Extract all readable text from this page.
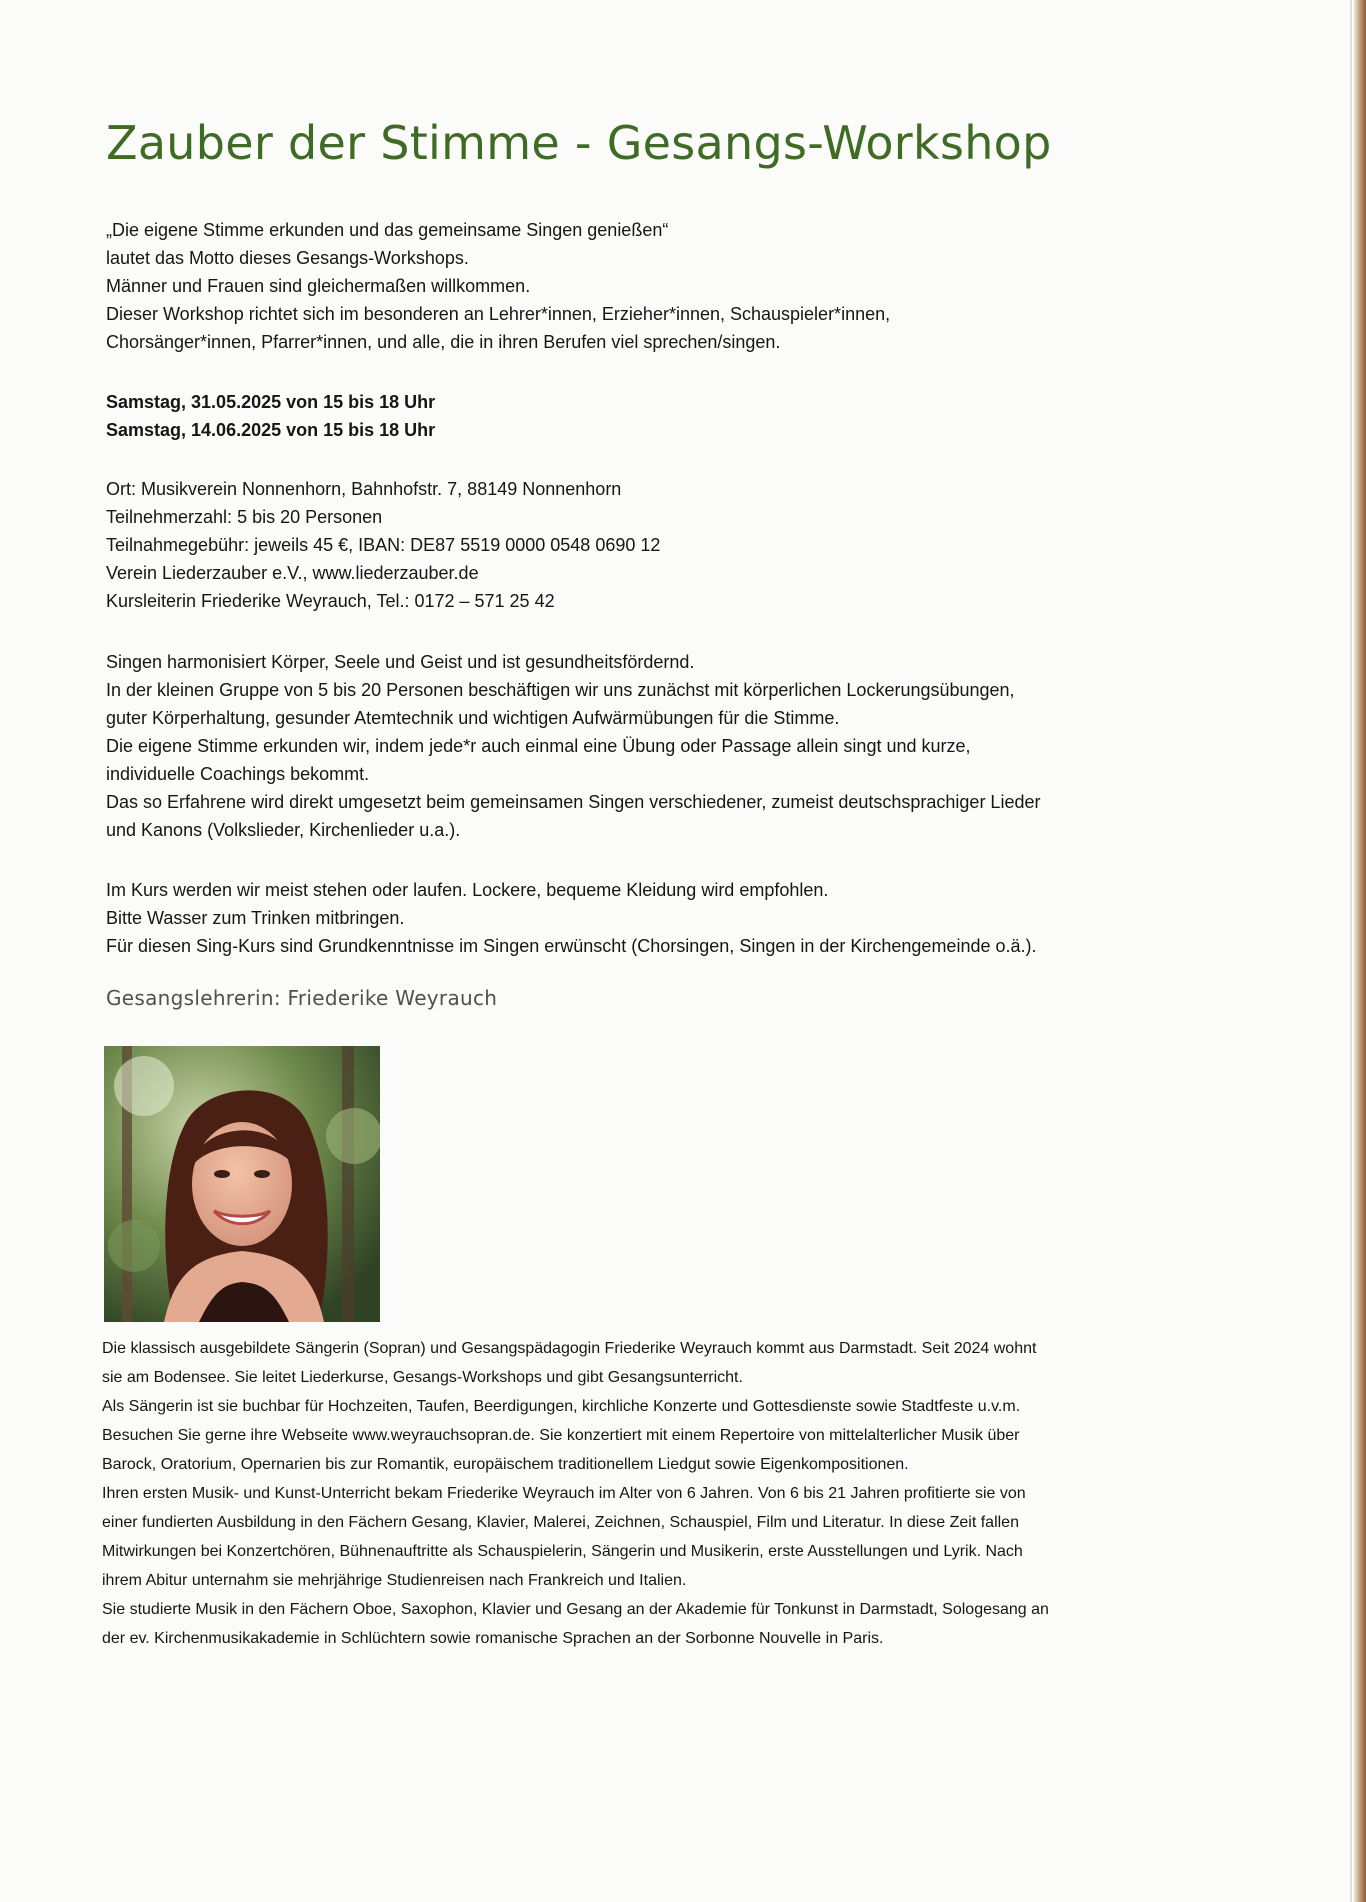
Zauber der Stimme - Gesangs-Workshop
„Die eigene Stimme erkunden und das gemeinsame Singen genießen“
lautet das Motto dieses Gesangs-Workshops.
Männer und Frauen sind gleichermaßen willkommen.
Dieser Workshop richtet sich im besonderen an Lehrer*innen, Erzieher*innen, Schauspieler*innen,
Chorsänger*innen, Pfarrer*innen, und alle, die in ihren Berufen viel sprechen/singen.
Samstag, 31.05.2025 von 15 bis 18 Uhr
Samstag, 14.06.2025 von 15 bis 18 Uhr
Ort: Musikverein Nonnenhorn, Bahnhofstr. 7, 88149 Nonnenhorn
Teilnehmerzahl: 5 bis 20 Personen
Teilnahmegebühr: jeweils 45 €, IBAN: DE87 5519 0000 0548 0690 12
Verein Liederzauber e.V., www.liederzauber.de
Kursleiterin Friederike Weyrauch, Tel.: 0172 – 571 25 42
Singen harmonisiert Körper, Seele und Geist und ist gesundheitsfördernd.
In der kleinen Gruppe von 5 bis 20 Personen beschäftigen wir uns zunächst mit körperlichen Lockerungsübungen,
guter Körperhaltung, gesunder Atemtechnik und wichtigen Aufwärmübungen für die Stimme.
Die eigene Stimme erkunden wir, indem jede*r auch einmal eine Übung oder Passage allein singt und kurze,
individuelle Coachings bekommt.
Das so Erfahrene wird direkt umgesetzt beim gemeinsamen Singen verschiedener, zumeist deutschsprachiger Lieder
und Kanons (Volkslieder, Kirchenlieder u.a.).
Im Kurs werden wir meist stehen oder laufen. Lockere, bequeme Kleidung wird empfohlen.
Bitte Wasser zum Trinken mitbringen.
Für diesen Sing-Kurs sind Grundkenntnisse im Singen erwünscht (Chorsingen, Singen in der Kirchengemeinde o.ä.).
Gesangslehrerin: Friederike Weyrauch
Die klassisch ausgebildete Sängerin (Sopran) und Gesangspädagogin Friederike Weyrauch kommt aus Darmstadt. Seit 2024 wohnt
sie am Bodensee. Sie leitet Liederkurse, Gesangs-Workshops und gibt Gesangsunterricht.
Als Sängerin ist sie buchbar für Hochzeiten, Taufen, Beerdigungen, kirchliche Konzerte und Gottesdienste sowie Stadtfeste u.v.m.
Besuchen Sie gerne ihre Webseite www.weyrauchsopran.de. Sie konzertiert mit einem Repertoire von mittelalterlicher Musik über
Barock, Oratorium, Opernarien bis zur Romantik, europäischem traditionellem Liedgut sowie Eigenkompositionen.
Ihren ersten Musik- und Kunst-Unterricht bekam Friederike Weyrauch im Alter von 6 Jahren. Von 6 bis 21 Jahren profitierte sie von
einer fundierten Ausbildung in den Fächern Gesang, Klavier, Malerei, Zeichnen, Schauspiel, Film und Literatur. In diese Zeit fallen
Mitwirkungen bei Konzertchören, Bühnenauftritte als Schauspielerin, Sängerin und Musikerin, erste Ausstellungen und Lyrik. Nach
ihrem Abitur unternahm sie mehrjährige Studienreisen nach Frankreich und Italien.
Sie studierte Musik in den Fächern Oboe, Saxophon, Klavier und Gesang an der Akademie für Tonkunst in Darmstadt, Sologesang an
der ev. Kirchenmusikakademie in Schlüchtern sowie romanische Sprachen an der Sorbonne Nouvelle in Paris.
